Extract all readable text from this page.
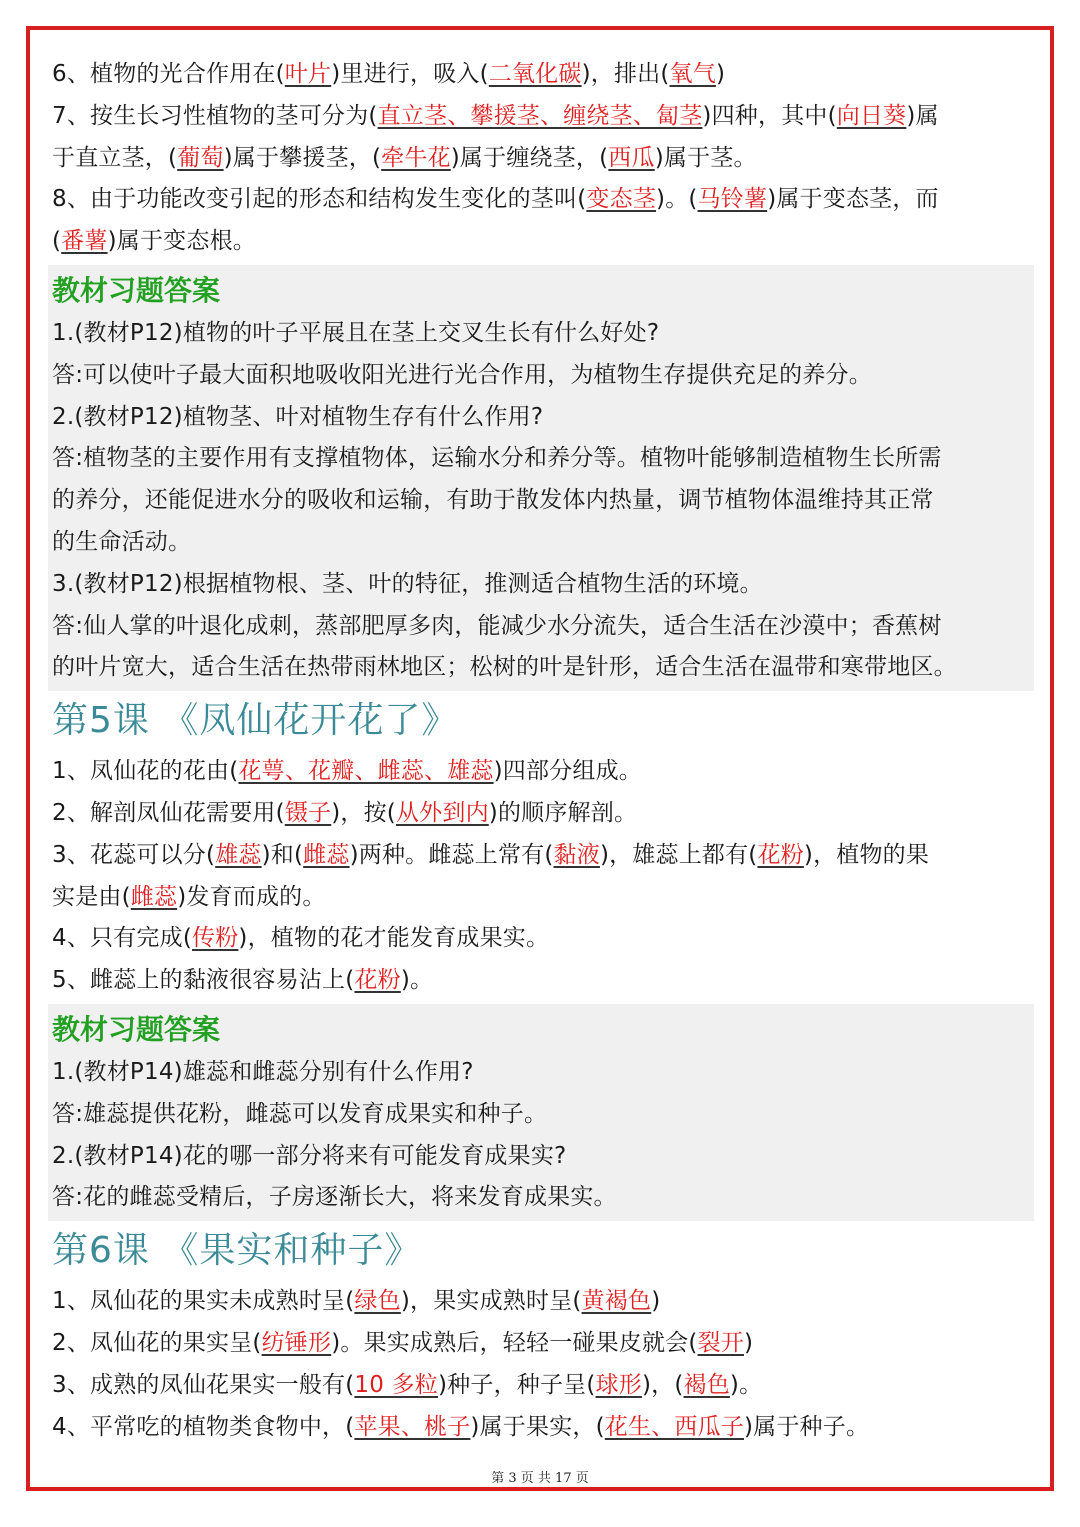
6、植物的光合作用在(叶片)里进行，吸入(二氧化碳)，排出(氧气)
7、按生长习性植物的茎可分为(直立茎、攀援茎、缠绕茎、匐茎)四种，其中(向日葵)属
于直立茎，(葡萄)属于攀援茎，(牵牛花)属于缠绕茎，(西瓜)属于茎。
8、由于功能改变引起的形态和结构发生变化的茎叫(变态茎)。(马铃薯)属于变态茎，而
(番薯)属于变态根。
教材习题答案
1.(教材P12)植物的叶子平展且在茎上交叉生长有什么好处?
答:可以使叶子最大面积地吸收阳光进行光合作用，为植物生存提供充足的养分。
2.(教材P12)植物茎、叶对植物生存有什么作用?
答:植物茎的主要作用有支撑植物体，运输水分和养分等。植物叶能够制造植物生长所需
的养分，还能促进水分的吸收和运输，有助于散发体内热量，调节植物体温维持其正常
的生命活动。
3.(教材P12)根据植物根、茎、叶的特征，推测适合植物生活的环境。
答:仙人掌的叶退化成刺，蒸部肥厚多肉，能减少水分流失，适合生活在沙漠中；香蕉树
的叶片宽大，适合生活在热带雨林地区；松树的叶是针形，适合生活在温带和寒带地区。
第5课 《凤仙花开花了》
1、凤仙花的花由(花萼、花瓣、雌蕊、雄蕊)四部分组成。
2、解剖凤仙花需要用(镊子)，按(从外到内)的顺序解剖。
3、花蕊可以分(雄蕊)和(雌蕊)两种。雌蕊上常有(黏液)，雄蕊上都有(花粉)，植物的果
实是由(雌蕊)发育而成的。
4、只有完成(传粉)，植物的花才能发育成果实。
5、雌蕊上的黏液很容易沾上(花粉)。
教材习题答案
1.(教材P14)雄蕊和雌蕊分别有什么作用?
答:雄蕊提供花粉，雌蕊可以发育成果实和种子。
2.(教材P14)花的哪一部分将来有可能发育成果实?
答:花的雌蕊受精后，子房逐渐长大，将来发育成果实。
第6课 《果实和种子》
1、凤仙花的果实未成熟时呈(绿色)，果实成熟时呈(黄褐色)
2、凤仙花的果实呈(纺锤形)。果实成熟后，轻轻一碰果皮就会(裂开)
3、成熟的凤仙花果实一般有(10 多粒)种子，种子呈(球形)，(褐色)。
4、平常吃的植物类食物中，(苹果、桃子)属于果实，(花生、西瓜子)属于种子。
第 3 页 共 17 页
